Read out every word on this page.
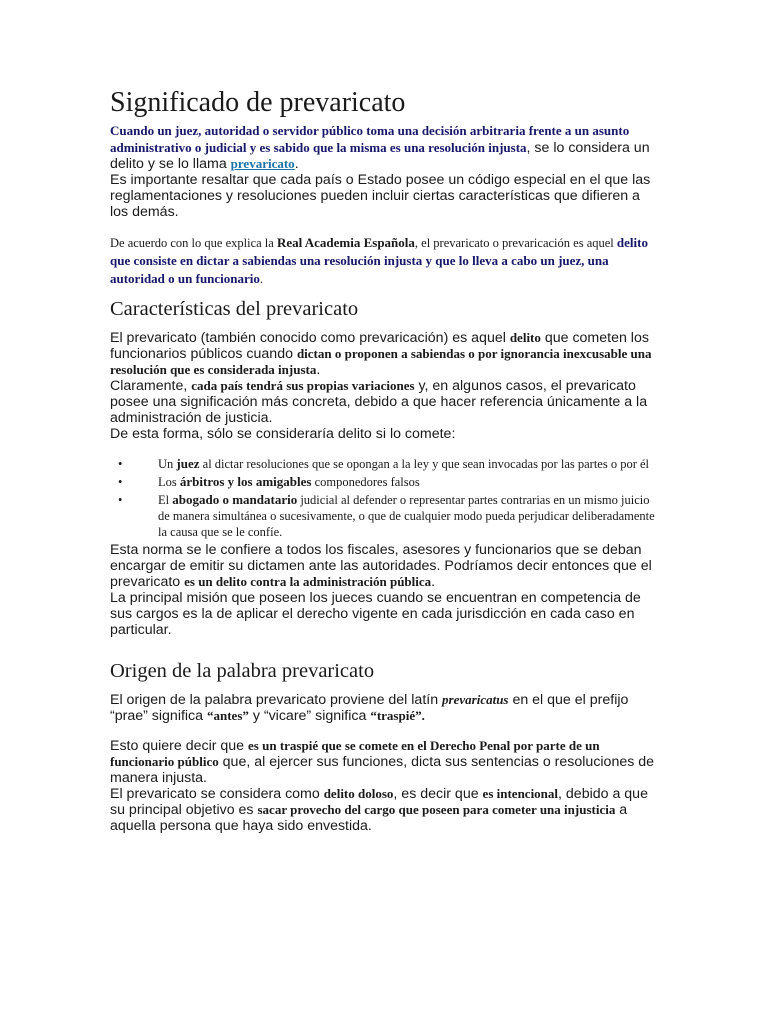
Significado de prevaricato

Cuando un juez, autoridad o servidor público toma una decisión arbitraria frente a un asunto administrativo o judicial y es sabido que la misma es una resolución injusta, se lo considera un delito y se lo llama prevaricato.

Es importante resaltar que cada país o Estado posee un código especial en el que las reglamentaciones y resoluciones pueden incluir ciertas características que difieren a los demás.

De acuerdo con lo que explica la Real Academia Española, el prevaricato o prevaricación es aquel delito que consiste en dictar a sabiendas una resolución injusta y que lo lleva a cabo un juez, una autoridad o un funcionario.

Características del prevaricato

El prevaricato (también conocido como prevaricación) es aquel delito que cometen los funcionarios públicos cuando dictan o proponen a sabiendas o por ignorancia inexcusable una resolución que es considerada injusta.

Claramente, cada país tendrá sus propias variaciones y, en algunos casos, el prevaricato posee una significación más concreta, debido a que hacer referencia únicamente a la administración de justicia.

De esta forma, sólo se consideraría delito si lo comete:

•	Un juez al dictar resoluciones que se opongan a la ley y que sean invocadas por las partes o por él
•	Los árbitros y los amigables componedores falsos
•	El abogado o mandatario judicial al defender o representar partes contrarias en un mismo juicio de manera simultánea o sucesivamente, o que de cualquier modo pueda perjudicar deliberadamente la causa que se le confíe.

Esta norma se le confiere a todos los fiscales, asesores y funcionarios que se deban encargar de emitir su dictamen ante las autoridades. Podríamos decir entonces que el prevaricato es un delito contra la administración pública.

La principal misión que poseen los jueces cuando se encuentran en competencia de sus cargos es la de aplicar el derecho vigente en cada jurisdicción en cada caso en particular.

Origen de la palabra prevaricato

El origen de la palabra prevaricato proviene del latín prevaricatus en el que el prefijo “prae” significa “antes” y “vicare” significa “traspié”.

Esto quiere decir que es un traspié que se comete en el Derecho Penal por parte de un funcionario público que, al ejercer sus funciones, dicta sus sentencias o resoluciones de manera injusta.

El prevaricato se considera como delito doloso, es decir que es intencional, debido a que su principal objetivo es sacar provecho del cargo que poseen para cometer una injusticia a aquella persona que haya sido envestida.
